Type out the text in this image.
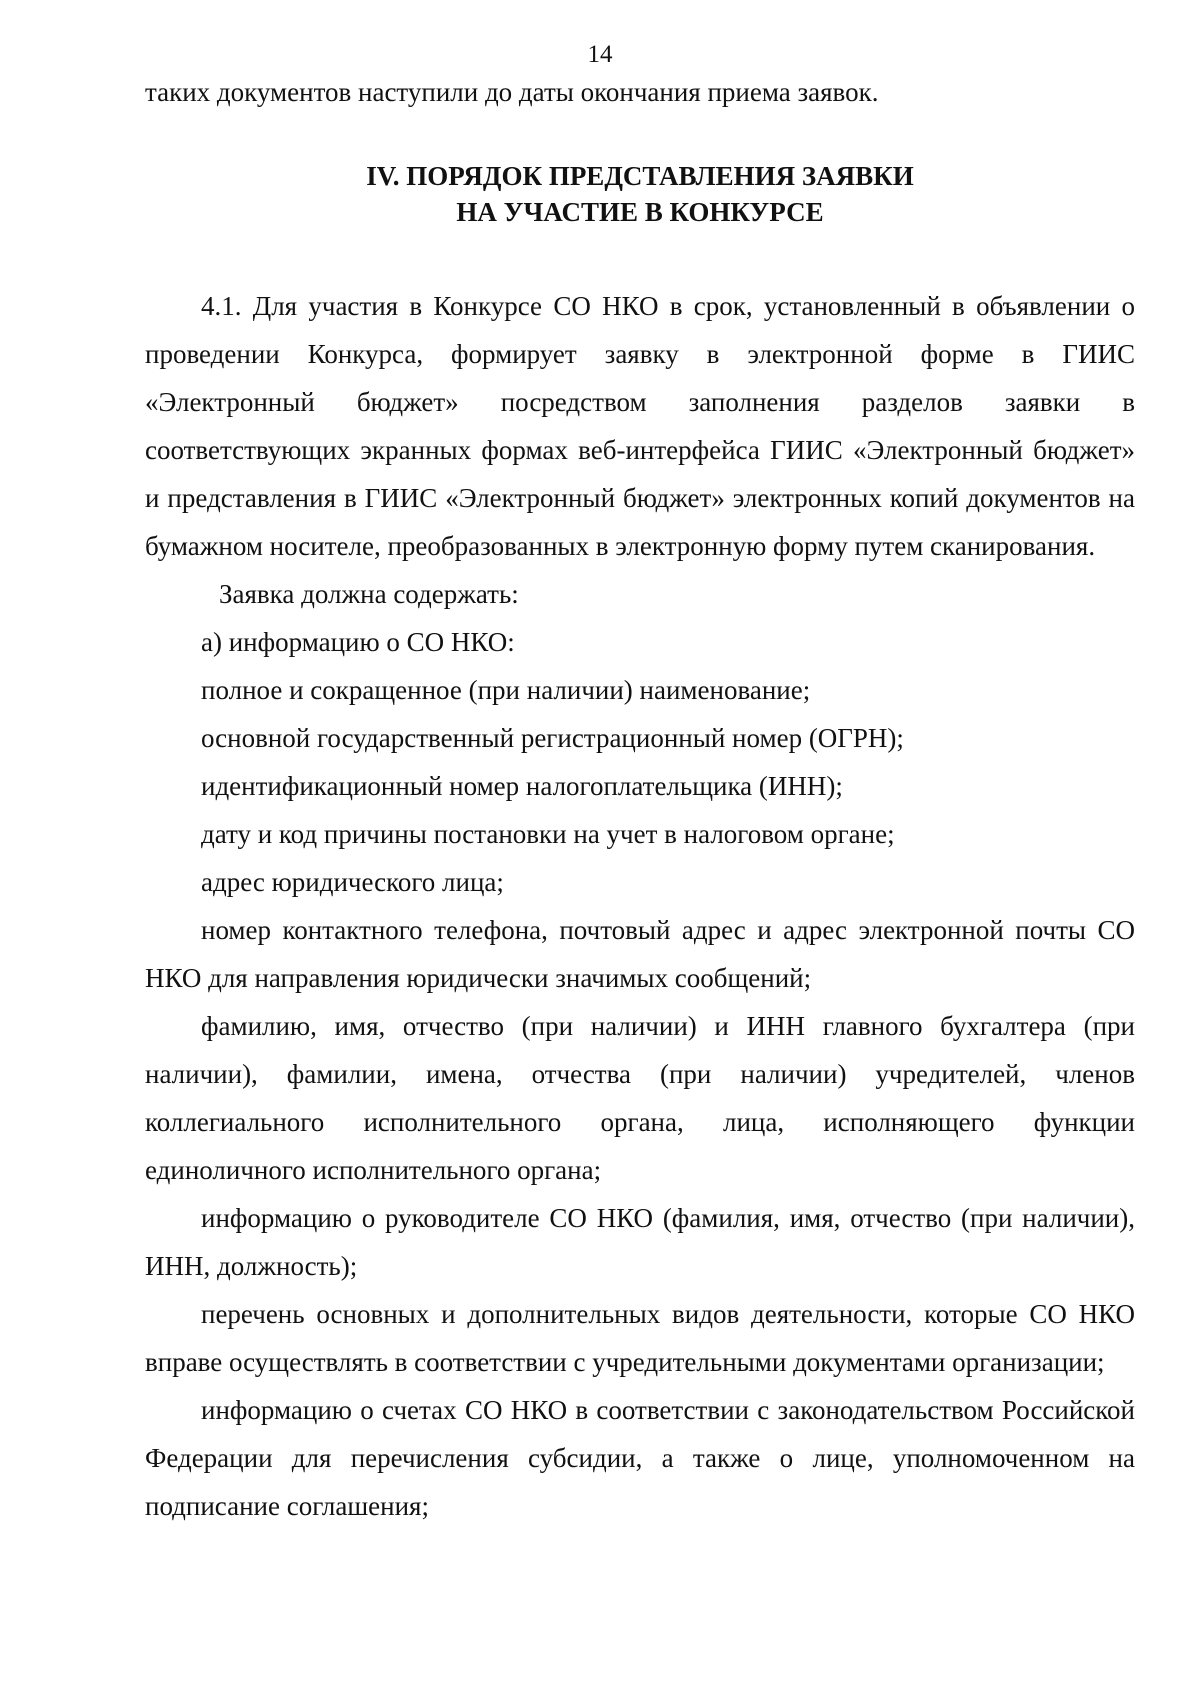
14

таких документов наступили до даты окончания приема заявок.

IV. ПОРЯДОК ПРЕДСТАВЛЕНИЯ ЗАЯВКИ
НА УЧАСТИЕ В КОНКУРСЕ

4.1. Для участия в Конкурсе СО НКО в срок, установленный в объявлении о проведении Конкурса, формирует заявку в электронной форме в ГИИС «Электронный бюджет» посредством заполнения разделов заявки в соответствующих экранных формах веб-интерфейса ГИИС «Электронный бюджет» и представления в ГИИС «Электронный бюджет» электронных копий документов на бумажном носителе, преобразованных в электронную форму путем сканирования.

Заявка должна содержать:

а) информацию о СО НКО:

полное и сокращенное (при наличии) наименование;

основной государственный регистрационный номер (ОГРН);

идентификационный номер налогоплательщика (ИНН);

дату и код причины постановки на учет в налоговом органе;

адрес юридического лица;

номер контактного телефона, почтовый адрес и адрес электронной почты СО НКО для направления юридически значимых сообщений;

фамилию, имя, отчество (при наличии) и ИНН главного бухгалтера (при наличии), фамилии, имена, отчества (при наличии) учредителей, членов коллегиального исполнительного органа, лица, исполняющего функции единоличного исполнительного органа;

информацию о руководителе СО НКО (фамилия, имя, отчество (при наличии), ИНН, должность);

перечень основных и дополнительных видов деятельности, которые СО НКО вправе осуществлять в соответствии с учредительными документами организации;

информацию о счетах СО НКО в соответствии с законодательством Российской Федерации для перечисления субсидии, а также о лице, уполномоченном на подписание соглашения;
